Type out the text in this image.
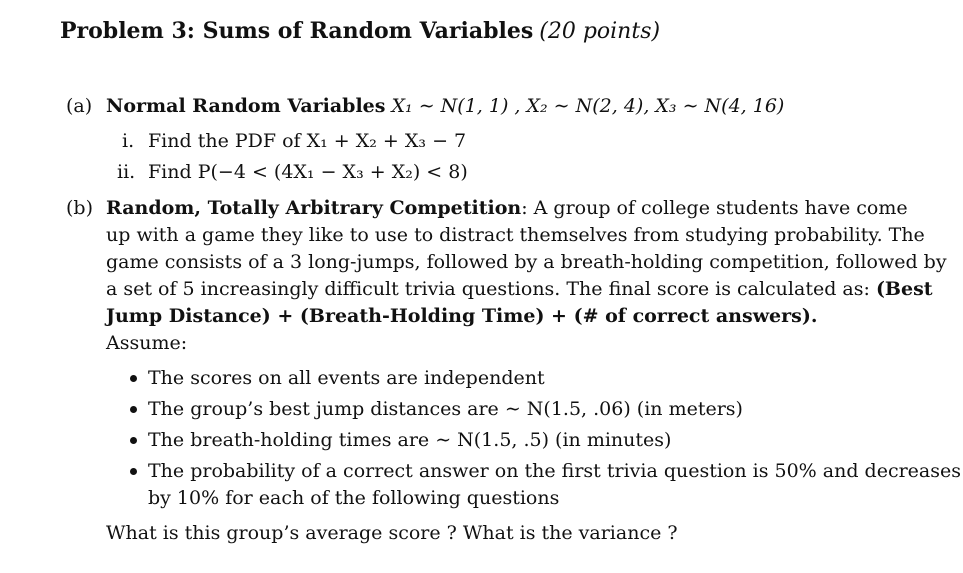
Problem 3: Sums of Random Variables (20 points)
(a) Normal Random Variables X₁ ∼ N(1, 1) , X₂ ∼ N(2, 4), X₃ ∼ N(4, 16)
i. Find the PDF of X₁ + X₂ + X₃ − 7
ii. Find P(−4 < (4X₁ − X₃ + X₂) < 8)
(b) Random, Totally Arbitrary Competition: A group of college students have come
up with a game they like to use to distract themselves from studying probability. The
game consists of a 3 long-jumps, followed by a breath-holding competition, followed by
a set of 5 increasingly difficult trivia questions. The final score is calculated as: (Best
Jump Distance) + (Breath-Holding Time) + (# of correct answers).
Assume:
The scores on all events are independent
The group’s best jump distances are ∼ N(1.5, .06) (in meters)
The breath-holding times are ∼ N(1.5, .5) (in minutes)
The probability of a correct answer on the first trivia question is 50% and decreases
by 10% for each of the following questions
What is this group’s average score ? What is the variance ?
